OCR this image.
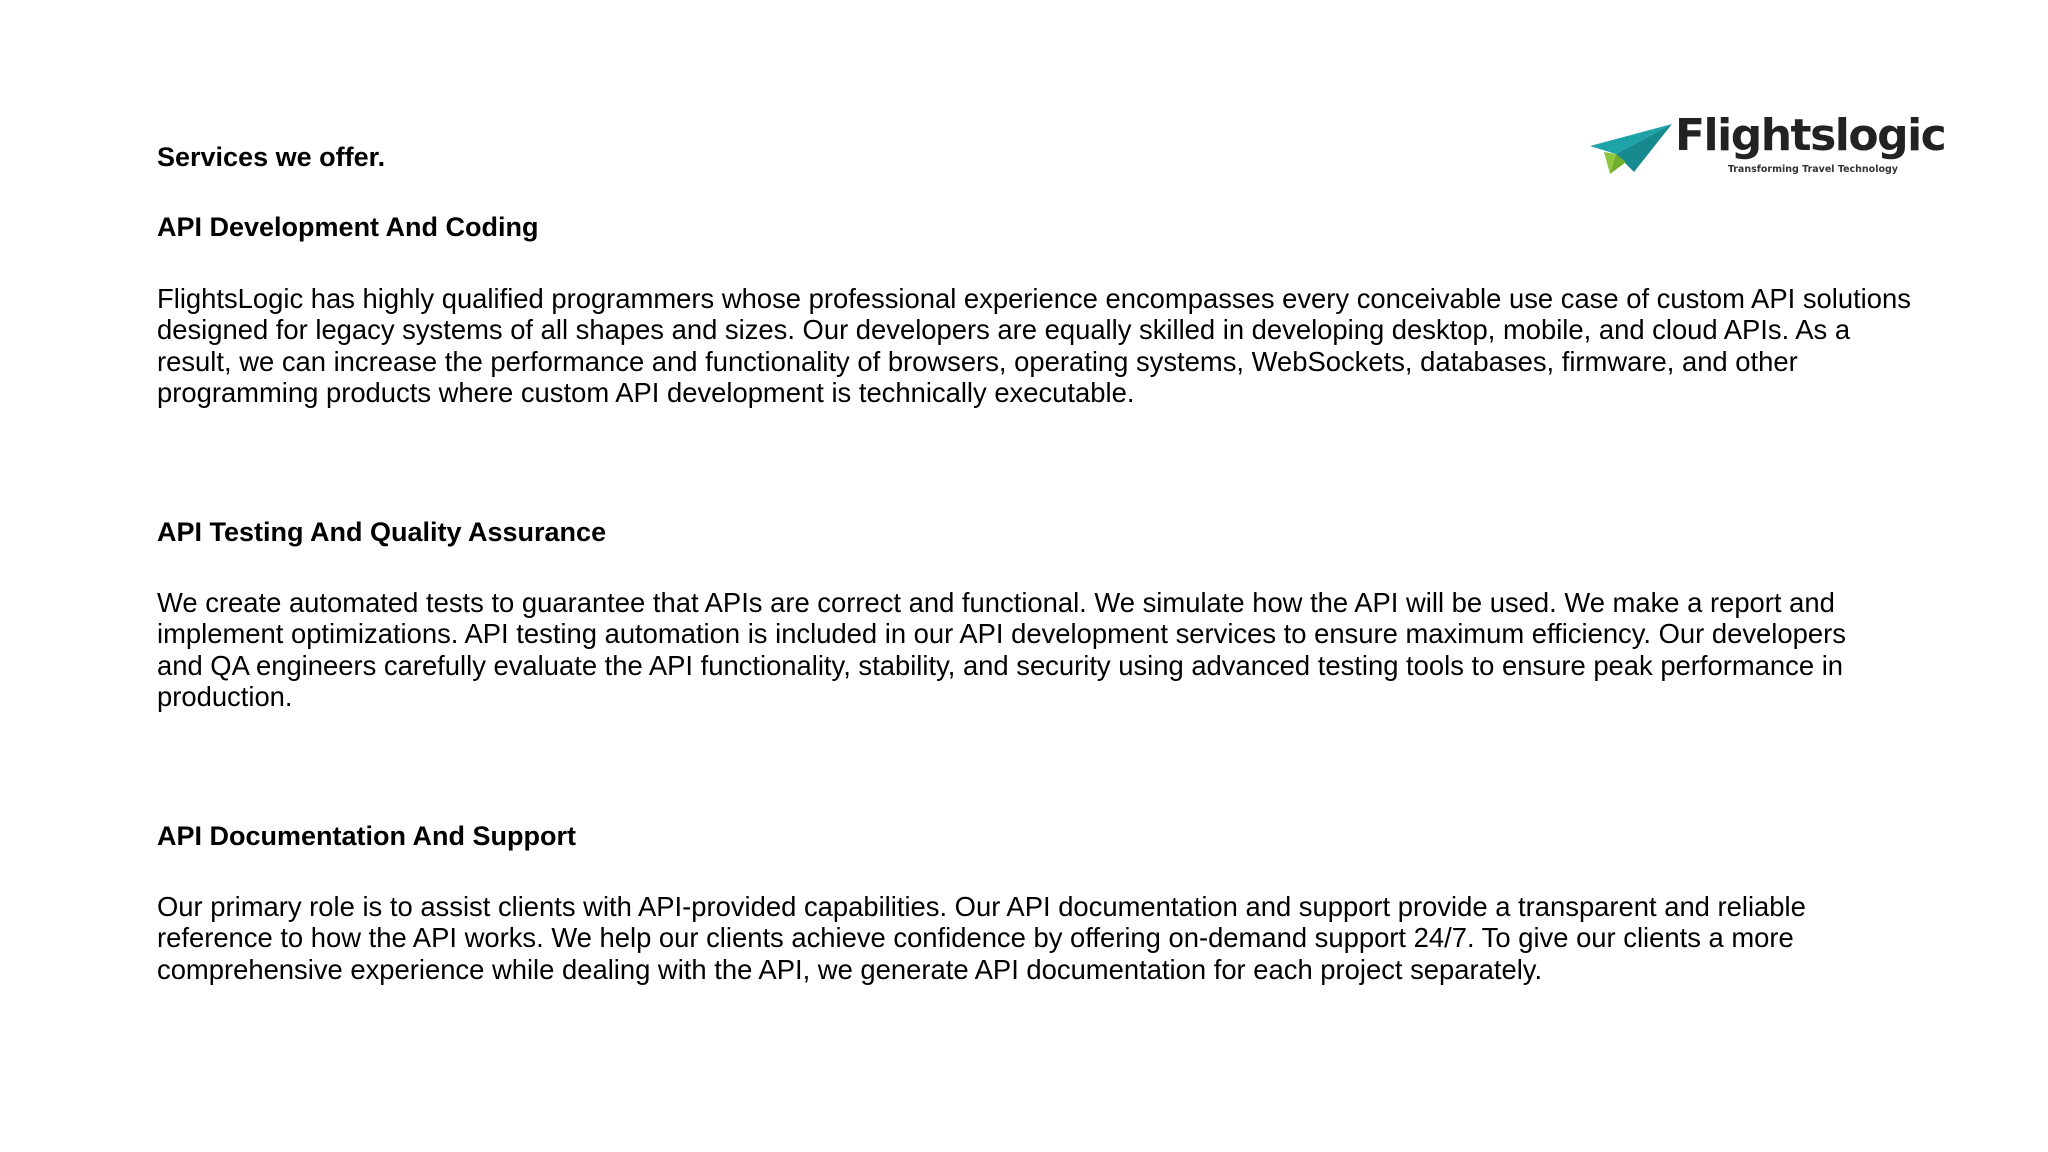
Flightslogic
Transforming Travel Technology
Services we offer.
API Development And Coding
FlightsLogic has highly qualified programmers whose professional experience encompasses every conceivable use case of custom API solutions
designed for legacy systems of all shapes and sizes. Our developers are equally skilled in developing desktop, mobile, and cloud APIs. As a
result, we can increase the performance and functionality of browsers, operating systems, WebSockets, databases, firmware, and other
programming products where custom API development is technically executable.
API Testing And Quality Assurance
We create automated tests to guarantee that APIs are correct and functional. We simulate how the API will be used. We make a report and
implement optimizations. API testing automation is included in our API development services to ensure maximum efficiency. Our developers
and QA engineers carefully evaluate the API functionality, stability, and security using advanced testing tools to ensure peak performance in
production.
API Documentation And Support
Our primary role is to assist clients with API-provided capabilities. Our API documentation and support provide a transparent and reliable
reference to how the API works. We help our clients achieve confidence by offering on-demand support 24/7. To give our clients a more
comprehensive experience while dealing with the API, we generate API documentation for each project separately.
